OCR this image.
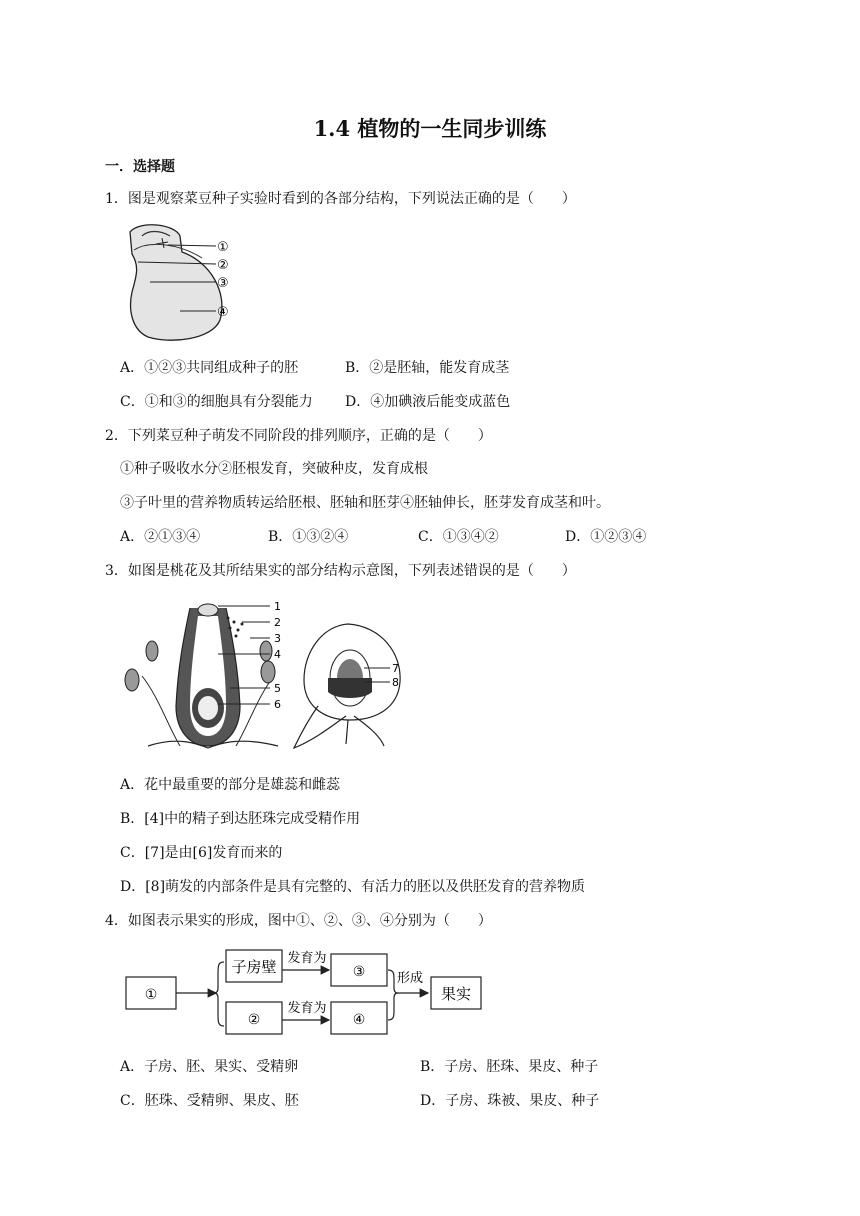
1.4 植物的一生同步训练
一．选择题
1．图是观察菜豆种子实验时看到的各部分结构，下列说法正确的是（　　）
①
②
③
④
A．①②③共同组成种子的胚	B．②是胚轴，能发育成茎
C．①和③的细胞具有分裂能力 D．④加碘液后能变成蓝色
2．下列菜豆种子萌发不同阶段的排列顺序，正确的是（　　）
①种子吸收水分②胚根发育，突破种皮，发育成根
③子叶里的营养物质转运给胚根、胚轴和胚芽④胚轴伸长，胚芽发育成茎和叶。
A．②①③④	B．①③②④	C．①③④②	D．①②③④
3．如图是桃花及其所结果实的部分结构示意图，下列表述错误的是（　　）
1
2
3
4
5
6
7
8
A．花中最重要的部分是雄蕊和雌蕊
B．[4]中的精子到达胚珠完成受精作用
C．[7]是由[6]发育而来的
D．[8]萌发的内部条件是具有完整的、有活力的胚以及供胚发育的营养物质
4．如图表示果实的形成，图中①、②、③、④分别为（　　）
①
子房壁
②
发育为
发育为
③
④
形成
果实
A．子房、胚、果实、受精卵	B．子房、胚珠、果皮、种子
C．胚珠、受精卵、果皮、胚	D．子房、珠被、果皮、种子
